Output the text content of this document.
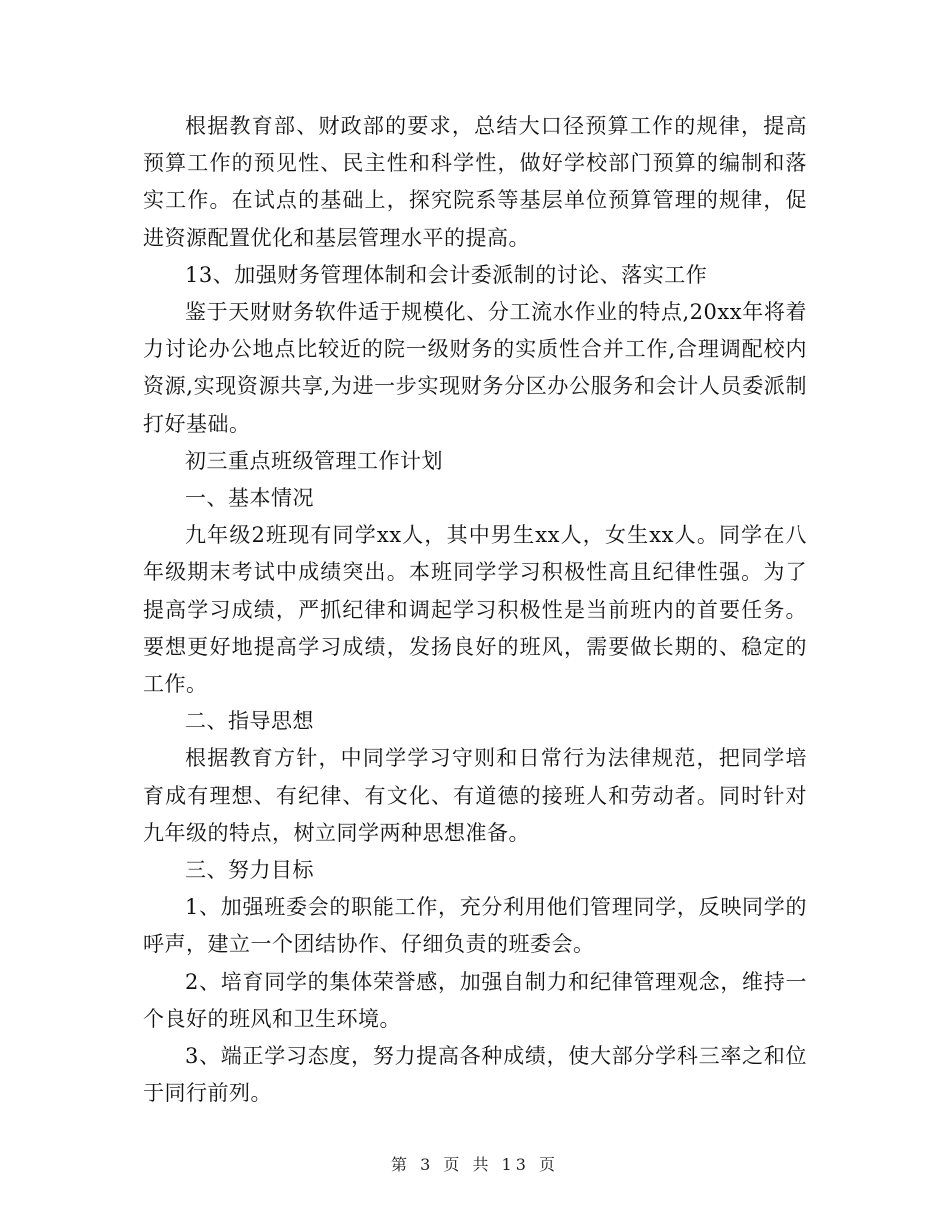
根据教育部、财政部的要求，总结大口径预算工作的规律，提高预算工作的预见性、民主性和科学性，做好学校部门预算的编制和落实工作。在试点的基础上，探究院系等基层单位预算管理的规律，促进资源配置优化和基层管理水平的提高。

13、加强财务管理体制和会计委派制的讨论、落实工作

鉴于天财财务软件适于规模化、分工流水作业的特点,20xx年将着力讨论办公地点比较近的院一级财务的实质性合并工作,合理调配校内资源,实现资源共享,为进一步实现财务分区办公服务和会计人员委派制打好基础。

初三重点班级管理工作计划

一、基本情况

九年级2班现有同学xx人，其中男生xx人，女生xx人。同学在八年级期末考试中成绩突出。本班同学学习积极性高且纪律性强。为了提高学习成绩，严抓纪律和调起学习积极性是当前班内的首要任务。要想更好地提高学习成绩，发扬良好的班风，需要做长期的、稳定的工作。

二、指导思想

根据教育方针，中同学学习守则和日常行为法律规范，把同学培育成有理想、有纪律、有文化、有道德的接班人和劳动者。同时针对九年级的特点，树立同学两种思想准备。

三、努力目标

1、加强班委会的职能工作，充分利用他们管理同学，反映同学的呼声，建立一个团结协作、仔细负责的班委会。

2、培育同学的集体荣誉感，加强自制力和纪律管理观念，维持一个良好的班风和卫生环境。

3、端正学习态度，努力提高各种成绩，使大部分学科三率之和位于同行前列。

第 3 页 共 13 页
